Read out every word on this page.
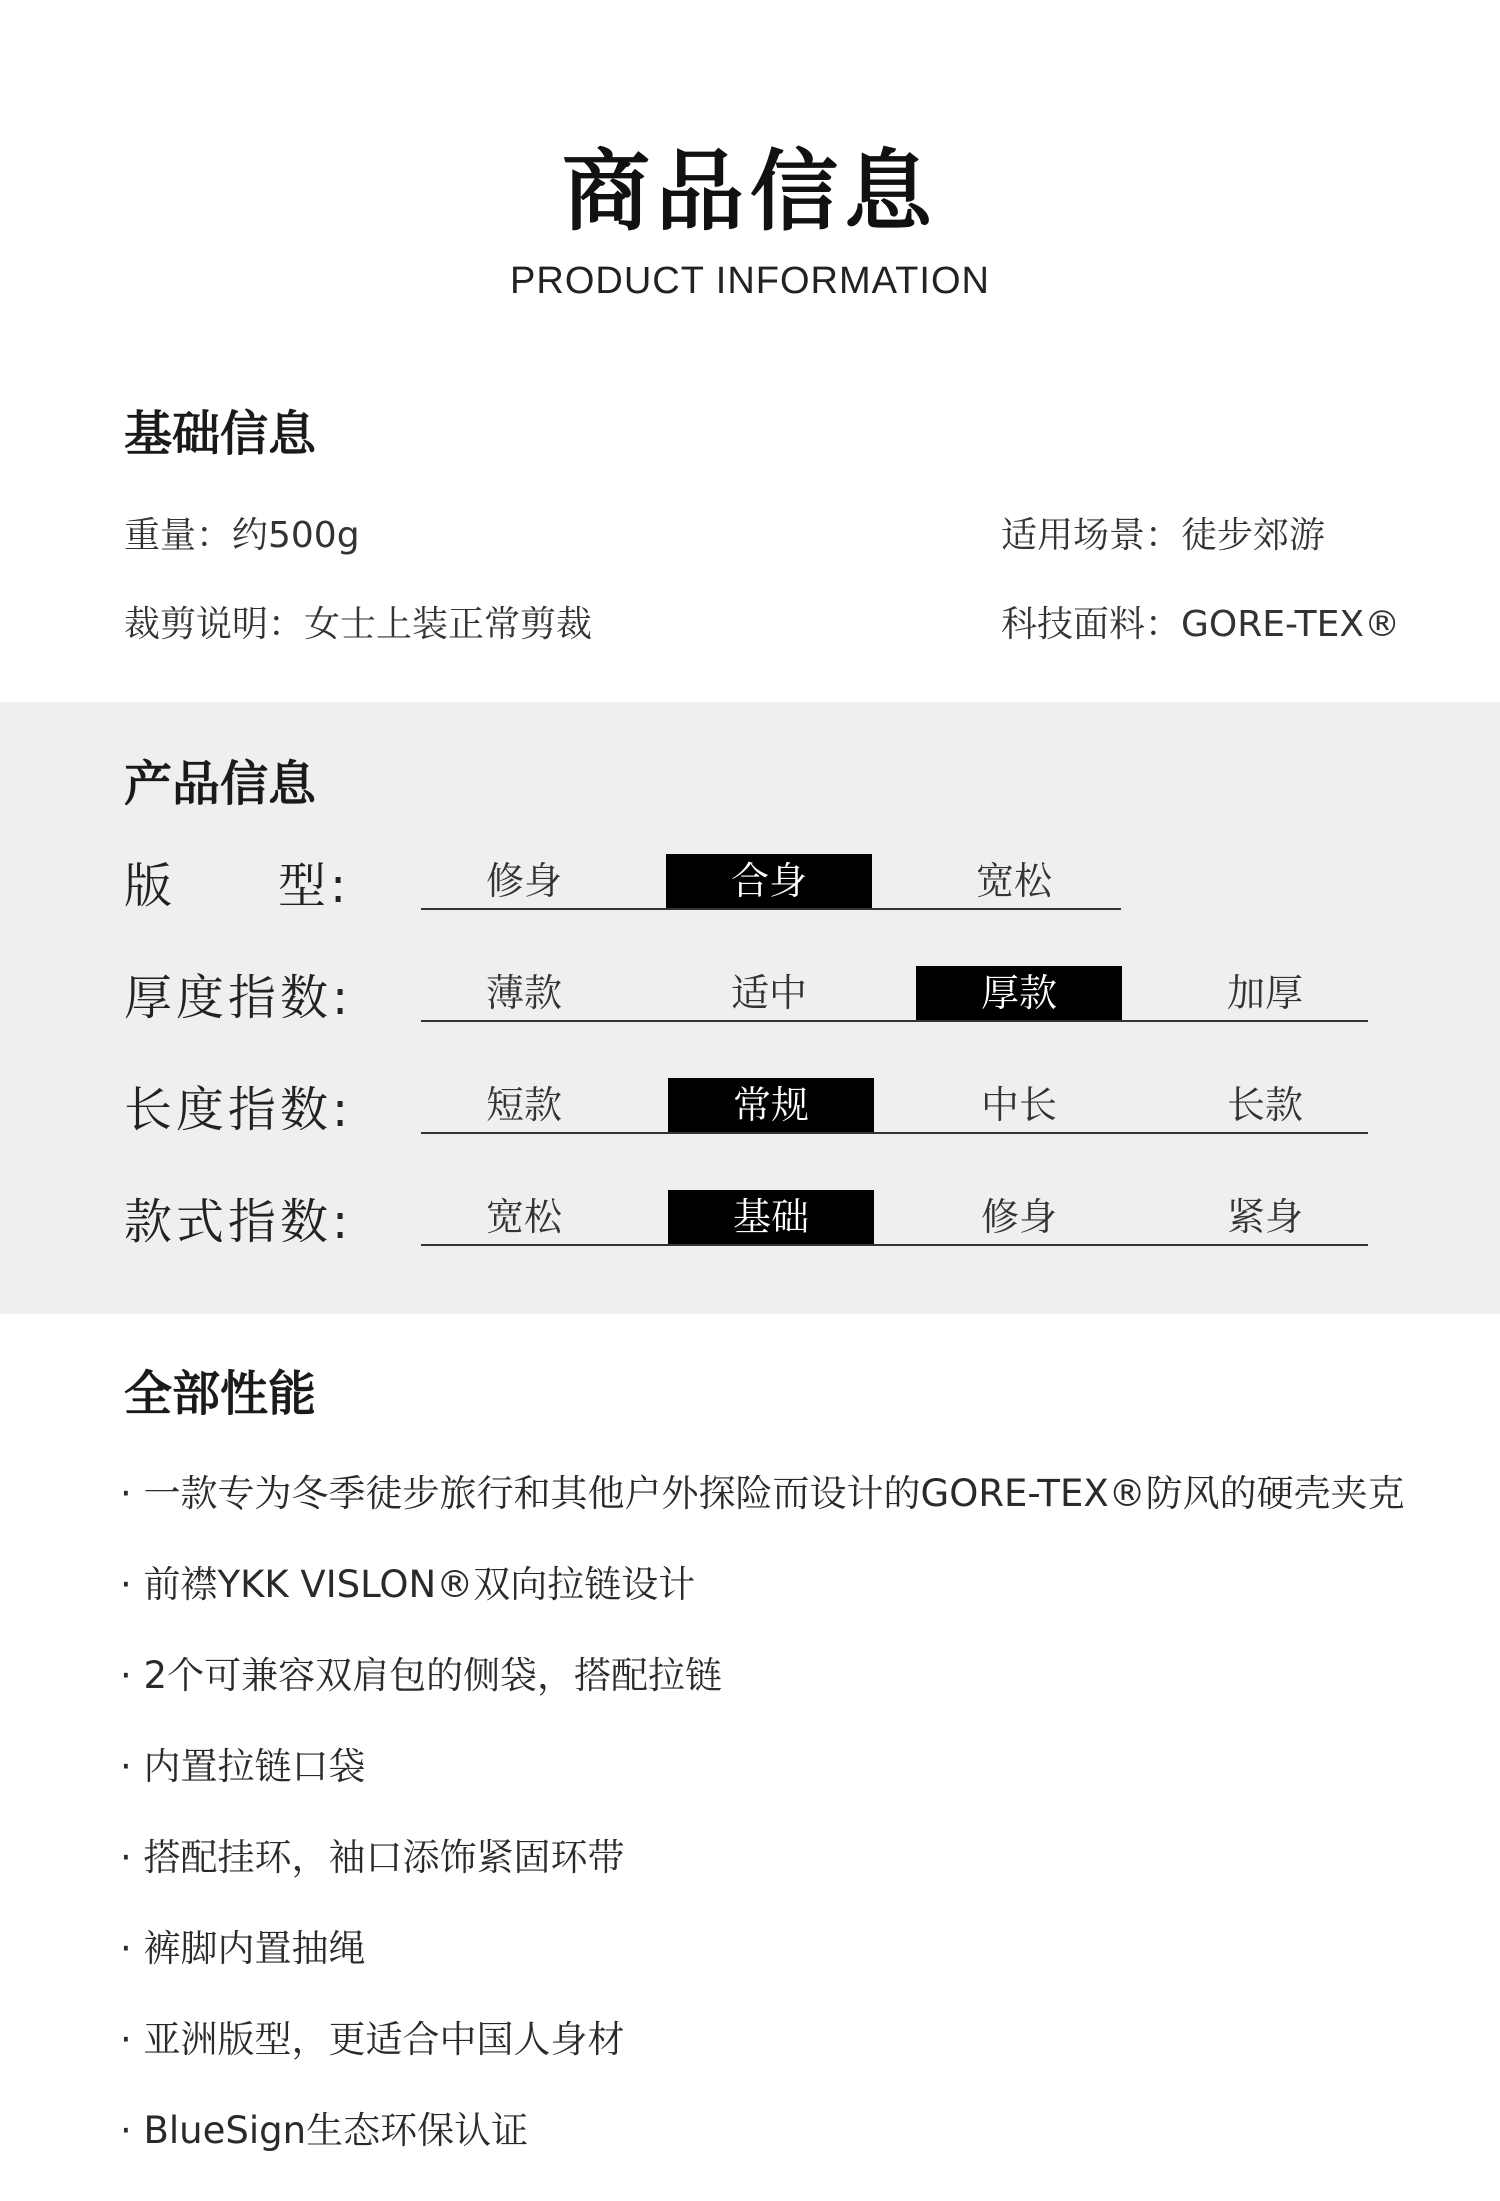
商品信息
PRODUCT INFORMATION
基础信息
重量：约500g	适用场景：徒步郊游
裁剪说明：女士上装正常剪裁	科技面料：GORE-TEX®
产品信息
版 型:	修身	合身	宽松
厚度指数:	薄款	适中	厚款	加厚
长度指数:	短款	常规	中长	长款
款式指数:	宽松	基础	修身	紧身
全部性能
· 一款专为冬季徒步旅行和其他户外探险而设计的GORE-TEX®防风的硬壳夹克
· 前襟YKK VISLON®双向拉链设计
· 2个可兼容双肩包的侧袋，搭配拉链
· 内置拉链口袋
· 搭配挂环，袖口添饰紧固环带
· 裤脚内置抽绳
· 亚洲版型，更适合中国人身材
· BlueSign生态环保认证
